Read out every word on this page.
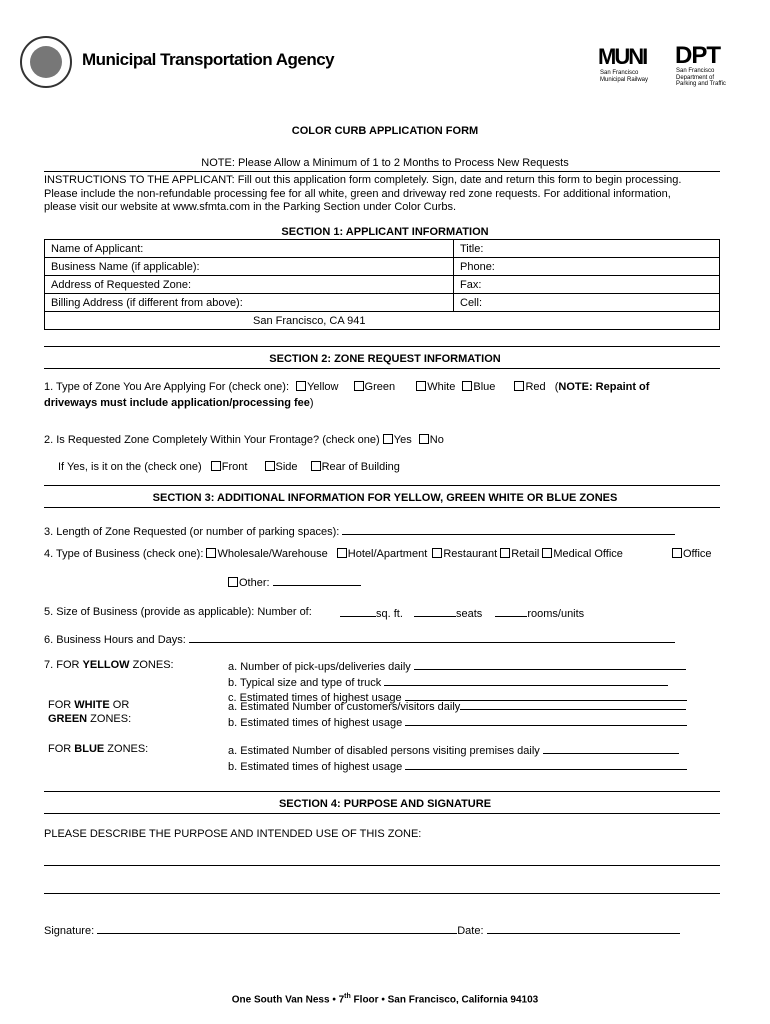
Municipal Transportation Agency	MUNI
San Francisco
Municipal Railway
DPT
San Francisco
Department of
Parking and Traffic
COLOR CURB APPLICATION FORM
NOTE: Please Allow a Minimum of 1 to 2 Months to Process New Requests
INSTRUCTIONS TO THE APPLICANT: Fill out this application form completely. Sign, date and return this form to begin processing.
Please include the non-refundable processing fee for all white, green and driveway red zone requests. For additional information,
please visit our website at www.sfmta.com in the Parking Section under Color Curbs.
SECTION 1: APPLICANT INFORMATION
Name of Applicant:	Title:
Business Name (if applicable):	Phone:
Address of Requested Zone:	Fax:
Billing Address (if different from above):	Cell:
San Francisco, CA 941	
SECTION 2: ZONE REQUEST INFORMATION
1. Type of Zone You Are Applying For (check one): Yellow Green	White Blue	Red (NOTE: Repaint of
driveways must include application/processing fee)
2. Is Requested Zone Completely Within Your Frontage? (check one) Yes No
If Yes, is it on the (check one) Front	Side Rear of Building
SECTION 3: ADDITIONAL INFORMATION FOR YELLOW, GREEN WHITE OR BLUE ZONES
3. Length of Zone Requested (or number of parking spaces):
4. Type of Business (check one): Wholesale/Warehouse Hotel/Apartment Restaurant Retail Medical Office	Office
Other:
5. Size of Business (provide as applicable): Number of:	sq. ft.	seats	rooms/units
6. Business Hours and Days:
7. FOR YELLOW ZONES:	a. Number of pick-ups/deliveries daily
b. Typical size and type of truck
c. Estimated times of highest usage
FOR WHITE OR
GREEN ZONES:
a. Estimated Number of customers/visitors daily
b. Estimated times of highest usage
FOR BLUE ZONES:	a. Estimated Number of disabled persons visiting premises daily
b. Estimated times of highest usage
SECTION 4: PURPOSE AND SIGNATURE
PLEASE DESCRIBE THE PURPOSE AND INTENDED USE OF THIS ZONE:
Signature:	Date:
One South Van Ness • 7th Floor • San Francisco, California 94103
